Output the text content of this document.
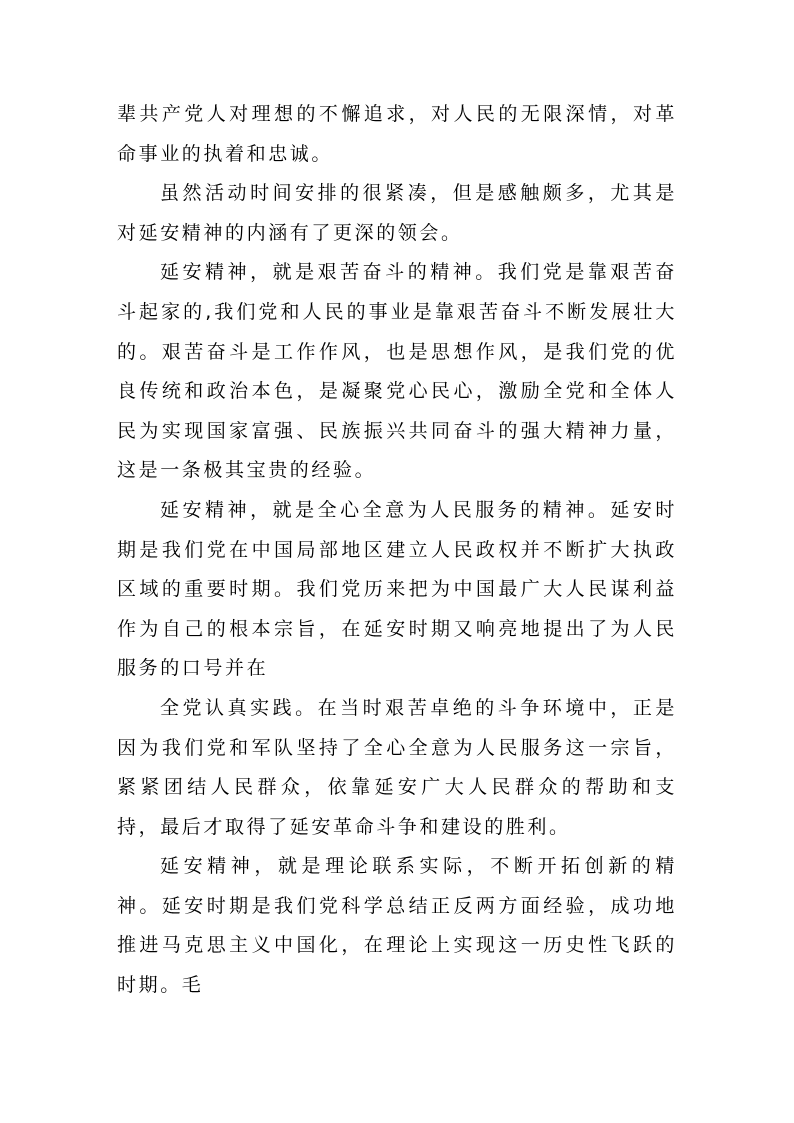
辈共产党人对理想的不懈追求，对人民的无限深情，对革命事业的执着和忠诚。

虽然活动时间安排的很紧凑，但是感触颇多，尤其是对延安精神的内涵有了更深的领会。

延安精神，就是艰苦奋斗的精神。我们党是靠艰苦奋斗起家的,我们党和人民的事业是靠艰苦奋斗不断发展壮大的。艰苦奋斗是工作作风，也是思想作风，是我们党的优良传统和政治本色，是凝聚党心民心，激励全党和全体人民为实现国家富强、民族振兴共同奋斗的强大精神力量，这是一条极其宝贵的经验。

延安精神，就是全心全意为人民服务的精神。延安时期是我们党在中国局部地区建立人民政权并不断扩大执政区域的重要时期。我们党历来把为中国最广大人民谋利益作为自己的根本宗旨，在延安时期又响亮地提出了为人民服务的口号并在

全党认真实践。在当时艰苦卓绝的斗争环境中，正是因为我们党和军队坚持了全心全意为人民服务这一宗旨，紧紧团结人民群众，依靠延安广大人民群众的帮助和支持，最后才取得了延安革命斗争和建设的胜利。

延安精神，就是理论联系实际，不断开拓创新的精神。延安时期是我们党科学总结正反两方面经验，成功地推进马克思主义中国化，在理论上实现这一历史性飞跃的时期。毛
